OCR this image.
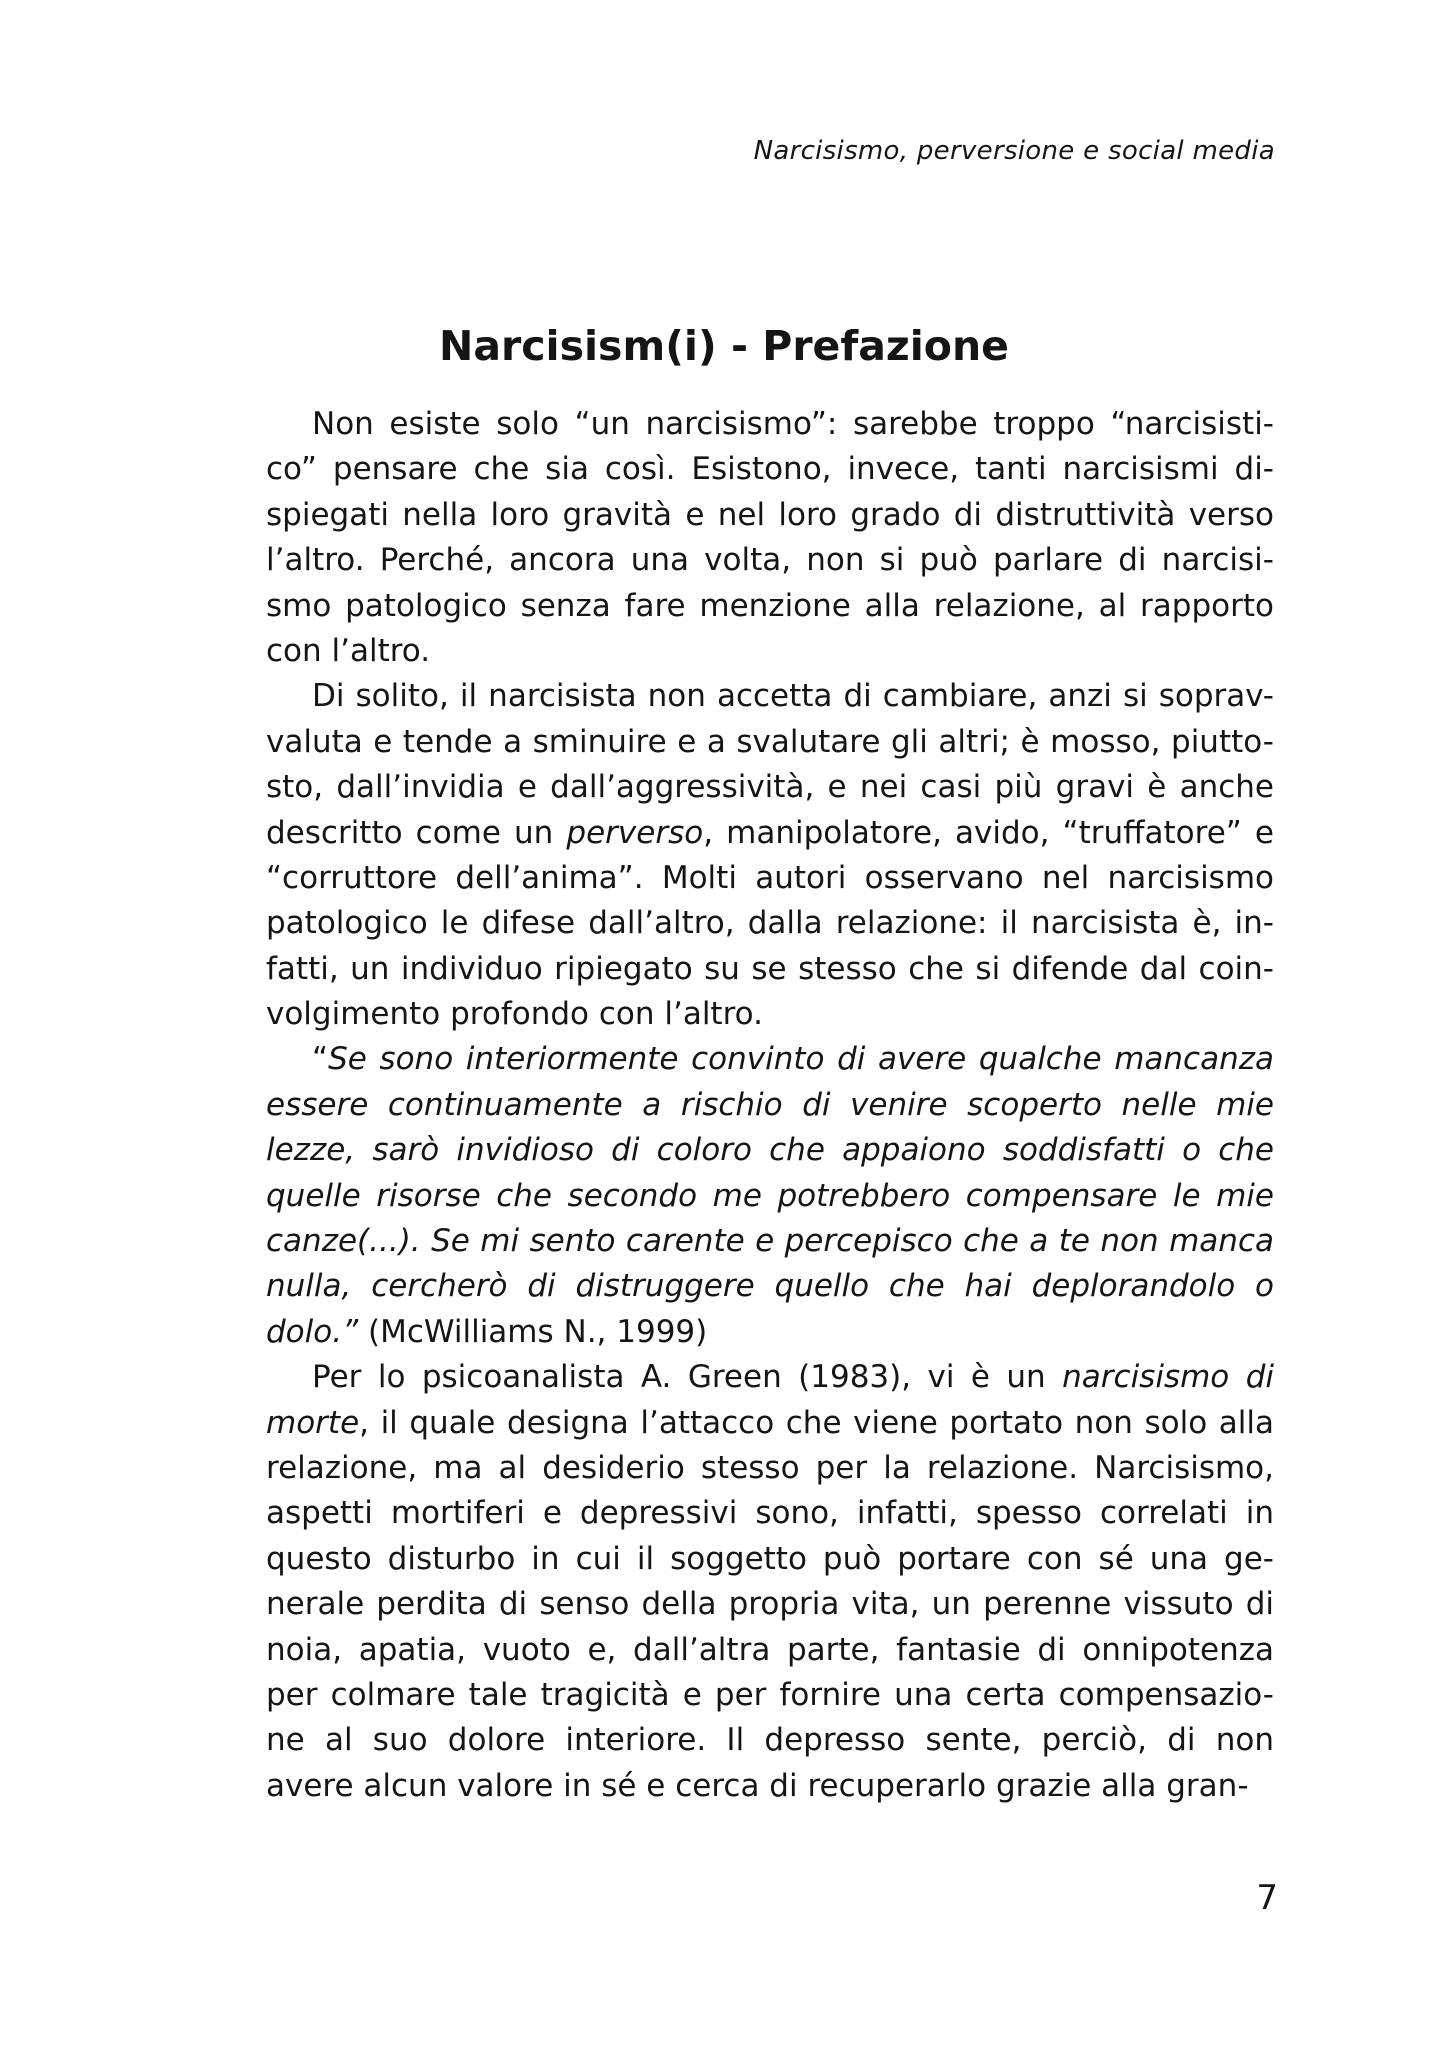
Narcisismo, perversione e social media
Narcisism(i) - Prefazione
Non esiste solo “un narcisismo”: sarebbe troppo “narcisisti-
co” pensare che sia così. Esistono, invece, tanti narcisismi di-
spiegati nella loro gravità e nel loro grado di distruttività verso
l’altro. Perché, ancora una volta, non si può parlare di narcisi-
smo patologico senza fare menzione alla relazione, al rapporto
con l’altro.
Di solito, il narcisista non accetta di cambiare, anzi si soprav-
valuta e tende a sminuire e a svalutare gli altri; è mosso, piutto-
sto, dall’invidia e dall’aggressività, e nei casi più gravi è anche
descritto come un perverso, manipolatore, avido, “truffatore” e
“corruttore dell’anima”. Molti autori osservano nel narcisismo
patologico le difese dall’altro, dalla relazione: il narcisista è, in-
fatti, un individuo ripiegato su se stesso che si difende dal coin-
volgimento profondo con l’altro.
“Se sono interiormente convinto di avere qualche mancanza
essere continuamente a rischio di venire scoperto nelle mie
lezze, sarò invidioso di coloro che appaiono soddisfatti o che
quelle risorse che secondo me potrebbero compensare le mie
canze(...). Se mi sento carente e percepisco che a te non manca
nulla, cercherò di distruggere quello che hai deplorandolo o
dolo.” (McWilliams N., 1999)
Per lo psicoanalista A. Green (1983), vi è un narcisismo di
morte, il quale designa l’attacco che viene portato non solo alla
relazione, ma al desiderio stesso per la relazione. Narcisismo,
aspetti mortiferi e depressivi sono, infatti, spesso correlati in
questo disturbo in cui il soggetto può portare con sé una ge-
nerale perdita di senso della propria vita, un perenne vissuto di
noia, apatia, vuoto e, dall’altra parte, fantasie di onnipotenza
per colmare tale tragicità e per fornire una certa compensazio-
ne al suo dolore interiore. Il depresso sente, perciò, di non
avere alcun valore in sé e cerca di recuperarlo grazie alla gran-
7
